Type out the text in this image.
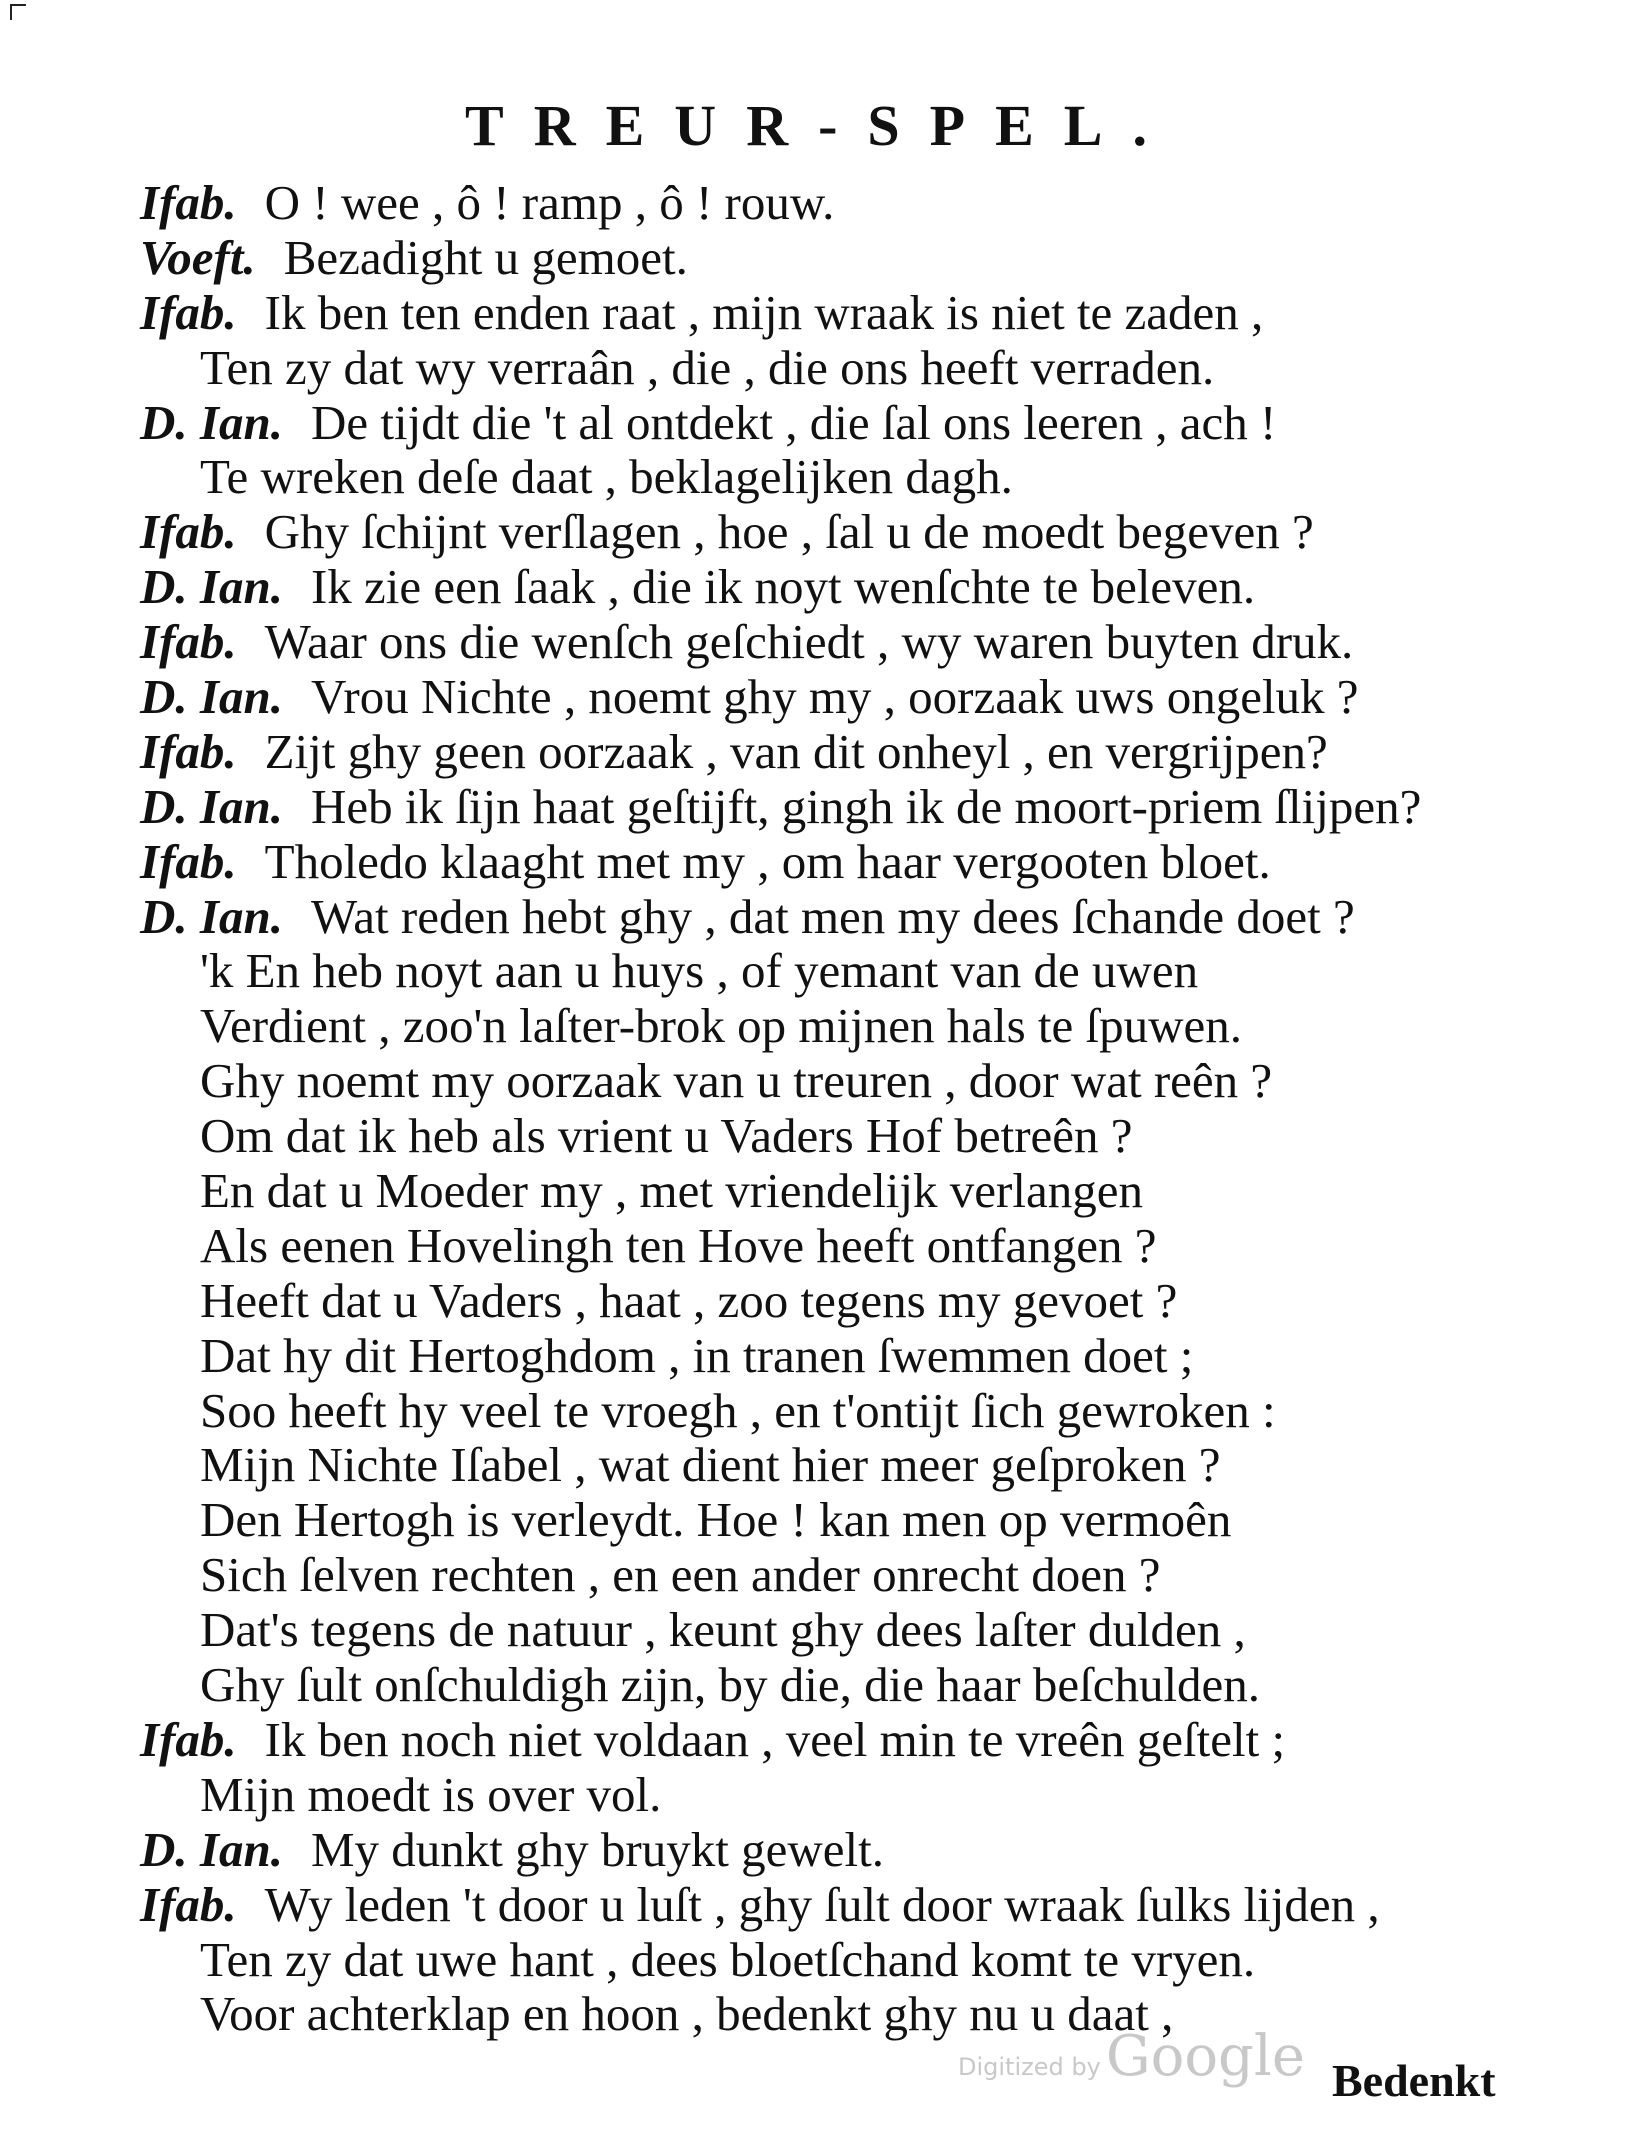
TREUR-SPEL.
Ifab. O ! wee , ô ! ramp , ô ! rouw.
Voeft. Bezadight u gemoet.
Ifab. Ik ben ten enden raat , mijn wraak is niet te zaden ,
Ten zy dat wy verraân , die , die ons heeft verraden.
D. Ian. De tijdt die 't al ontdekt , die ſal ons leeren , ach !
Te wreken deſe daat , beklagelijken dagh.
Ifab. Ghy ſchijnt verſlagen , hoe , ſal u de moedt begeven ?
D. Ian. Ik zie een ſaak , die ik noyt wenſchte te beleven.
Ifab. Waar ons die wenſch geſchiedt , wy waren buyten druk.
D. Ian. Vrou Nichte , noemt ghy my , oorzaak uws ongeluk ?
Ifab. Zijt ghy geen oorzaak , van dit onheyl , en vergrijpen?
D. Ian. Heb ik ſijn haat geſtijft, gingh ik de moort-priem ſlijpen?
Ifab. Tholedo klaaght met my , om haar vergooten bloet.
D. Ian. Wat reden hebt ghy , dat men my dees ſchande doet ?
'k En heb noyt aan u huys , of yemant van de uwen
Verdient , zoo'n laſter-brok op mijnen hals te ſpuwen.
Ghy noemt my oorzaak van u treuren , door wat reên ?
Om dat ik heb als vrient u Vaders Hof betreên ?
En dat u Moeder my , met vriendelijk verlangen
Als eenen Hovelingh ten Hove heeft ontfangen ?
Heeft dat u Vaders , haat , zoo tegens my gevoet ?
Dat hy dit Hertoghdom , in tranen ſwemmen doet ;
Soo heeft hy veel te vroegh , en t'ontijt ſich gewroken :
Mijn Nichte Iſabel , wat dient hier meer geſproken ?
Den Hertogh is verleydt. Hoe ! kan men op vermoên
Sich ſelven rechten , en een ander onrecht doen ?
Dat's tegens de natuur , keunt ghy dees laſter dulden ,
Ghy ſult onſchuldigh zijn, by die, die haar beſchulden.
Ifab. Ik ben noch niet voldaan , veel min te vreên geſtelt ;
Mijn moedt is over vol.
D. Ian. My dunkt ghy bruykt gewelt.
Ifab. Wy leden 't door u luſt , ghy ſult door wraak ſulks lijden ,
Ten zy dat uwe hant , dees bloetſchand komt te vryen.
Voor achterklap en hoon , bedenkt ghy nu u daat ,
Digitized by Google Bedenkt
